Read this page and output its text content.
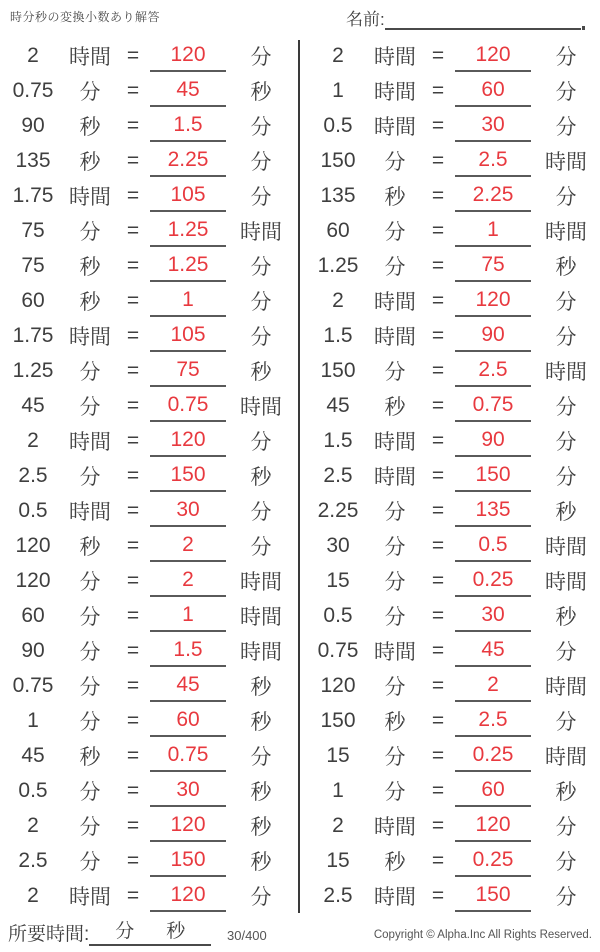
時分秒の変換小数あり解答	名前:
2	時間 =	120	分
0.75	分	=	45	秒
90	秒	=	1.5	分
135	秒	=	2.25	分
1.75 時間 =	105	分
75	分	=	1.25	時間
75	秒	=	1.25	分
60	秒	=	1	分
1.75 時間 =	105	分
1.25	分	=	75	秒
45	分	=	0.75	時間
2	時間 =	120	分
2.5	分	=	150	秒
0.5	時間 =	30	分
120	秒	=	2	分
120	分	=	2	時間
60	分	=	1	時間
90	分	=	1.5	時間
0.75	分	=	45	秒
1	分	=	60	秒
45	秒	=	0.75	分
0.5	分	=	30	秒
2	分	=	120	秒
2.5	分	=	150	秒
2	時間 =	120	分
2	時間 =	120	分
1	時間 =	60	分
0.5	時間 =	30	分
150	分	=	2.5	時間
135	秒	=	2.25	分
60	分	=	1	時間
1.25	分	=	75	秒
2	時間 =	120	分
1.5	時間 =	90	分
150	分	=	2.5	時間
45	秒	=	0.75	分
1.5	時間 =	90	分
2.5	時間 =	150	分
2.25	分	=	135	秒
30	分	=	0.5	時間
15	分	=	0.25	時間
0.5	分	=	30	秒
0.75 時間 =	45	分
120	分	=	2	時間
150	秒	=	2.5	分
15	分	=	0.25	時間
1	分	=	60	秒
2	時間 =	120	分
15	秒	=	0.25	分
2.5	時間 =	150	分
所要時間:	分 秒	30/400	Copyright © Alpha.Inc All Rights Reserved.
